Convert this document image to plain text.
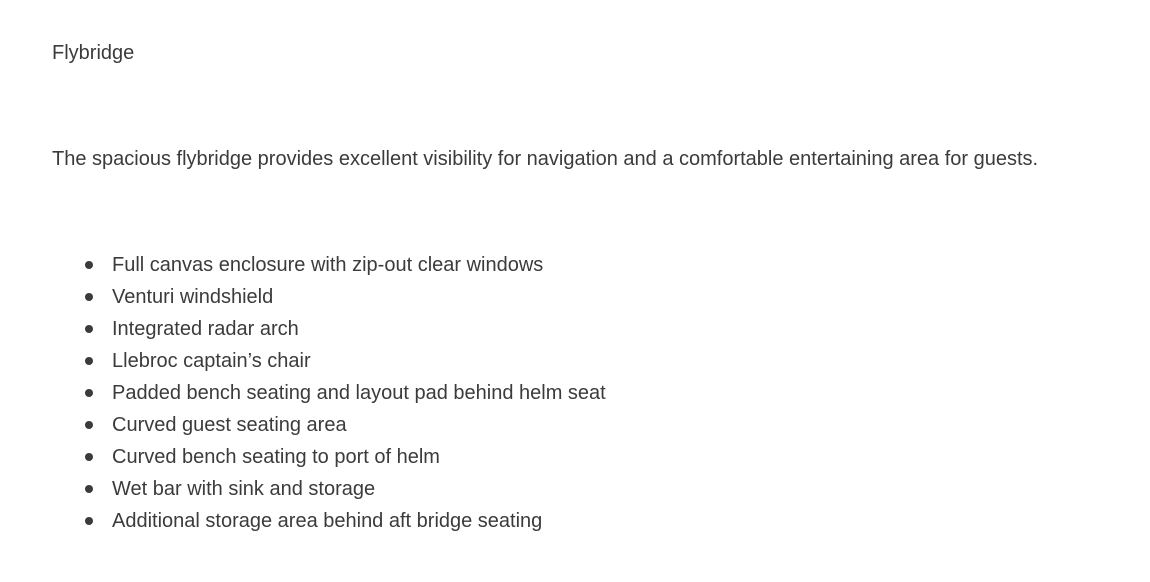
Flybridge

The spacious flybridge provides excellent visibility for navigation and a comfortable entertaining area for guests.

Full canvas enclosure with zip-out clear windows
Venturi windshield
Integrated radar arch
Llebroc captain’s chair
Padded bench seating and layout pad behind helm seat
Curved guest seating area
Curved bench seating to port of helm
Wet bar with sink and storage
Additional storage area behind aft bridge seating
